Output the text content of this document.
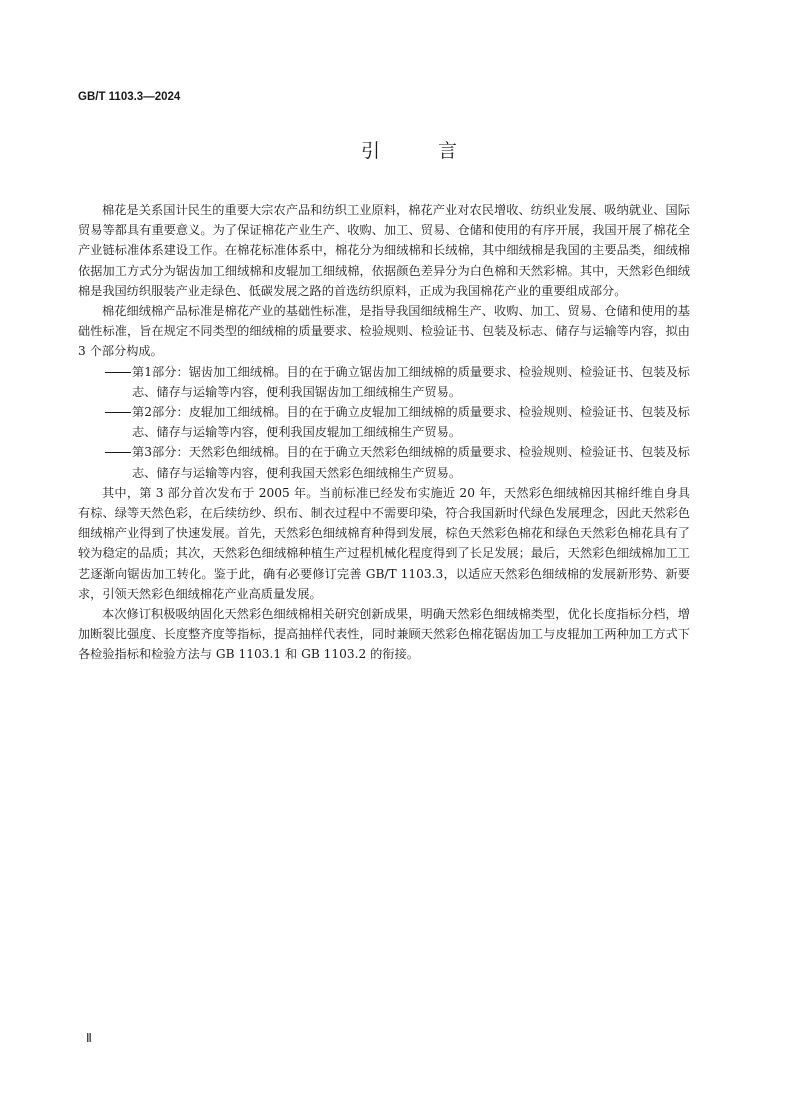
GB/T 1103.3—2024
引 言

棉花是关系国计民生的重要大宗农产品和纺织工业原料，棉花产业对农民增收、纺织业发展、吸纳就业、国际贸易等都具有重要意义。为了保证棉花产业生产、收购、加工、贸易、仓储和使用的有序开展，我国开展了棉花全产业链标准体系建设工作。在棉花标准体系中，棉花分为细绒棉和长绒棉，其中细绒棉是我国的主要品类，细绒棉依据加工方式分为锯齿加工细绒棉和皮辊加工细绒棉，依据颜色差异分为白色棉和天然彩棉。其中，天然彩色细绒棉是我国纺织服装产业走绿色、低碳发展之路的首选纺织原料，正成为我国棉花产业的重要组成部分。

棉花细绒棉产品标准是棉花产业的基础性标准，是指导我国细绒棉生产、收购、加工、贸易、仓储和使用的基础性标准，旨在规定不同类型的细绒棉的质量要求、检验规则、检验证书、包装及标志、储存与运输等内容，拟由 3 个部分构成。

第1部分：锯齿加工细绒棉。目的在于确立锯齿加工细绒棉的质量要求、检验规则、检验证书、包装及标志、储存与运输等内容，便利我国锯齿加工细绒棉生产贸易。
第2部分：皮辊加工细绒棉。目的在于确立皮辊加工细绒棉的质量要求、检验规则、检验证书、包装及标志、储存与运输等内容，便利我国皮辊加工细绒棉生产贸易。
第3部分：天然彩色细绒棉。目的在于确立天然彩色细绒棉的质量要求、检验规则、检验证书、包装及标志、储存与运输等内容，便利我国天然彩色细绒棉生产贸易。

其中，第 3 部分首次发布于 2005 年。当前标准已经发布实施近 20 年，天然彩色细绒棉因其棉纤维自身具有棕、绿等天然色彩，在后续纺纱、织布、制衣过程中不需要印染，符合我国新时代绿色发展理念，因此天然彩色细绒棉产业得到了快速发展。首先，天然彩色细绒棉育种得到发展，棕色天然彩色棉花和绿色天然彩色棉花具有了较为稳定的品质；其次，天然彩色细绒棉种植生产过程机械化程度得到了长足发展；最后，天然彩色细绒棉加工工艺逐渐向锯齿加工转化。鉴于此，确有必要修订完善 GB/T 1103.3，以适应天然彩色细绒棉的发展新形势、新要求，引领天然彩色细绒棉花产业高质量发展。

本次修订积极吸纳固化天然彩色细绒棉相关研究创新成果，明确天然彩色细绒棉类型，优化长度指标分档，增加断裂比强度、长度整齐度等指标，提高抽样代表性，同时兼顾天然彩色棉花锯齿加工与皮辊加工两种加工方式下各检验指标和检验方法与 GB 1103.1 和 GB 1103.2 的衔接。

Ⅱ
